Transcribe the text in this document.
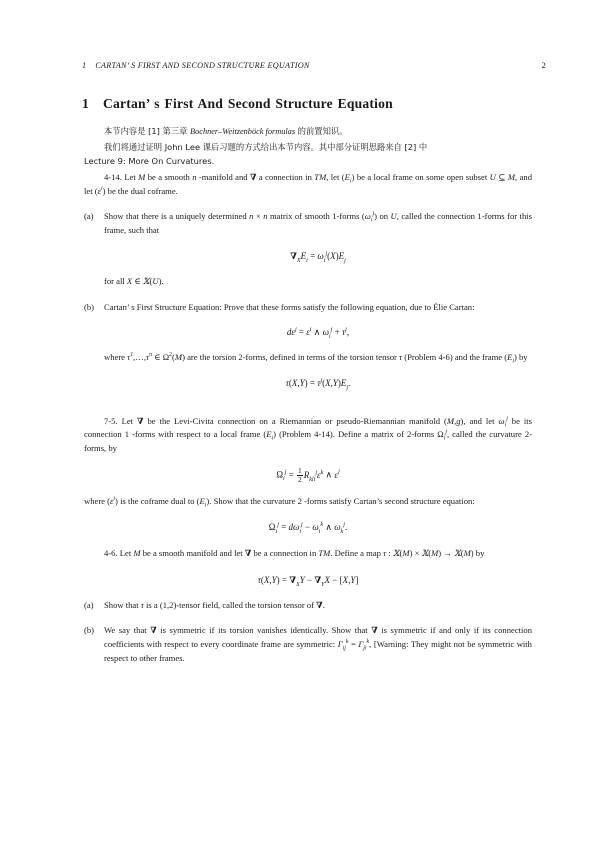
1 CARTAN’ S FIRST AND SECOND STRUCTURE EQUATION	2
1 Cartan’ s First And Second Structure Equation

本节内容是 [1] 第三章 Bochner–Weitzenböck formulas 的前置知识。

我们将通过证明 John Lee 课后习题的方式给出本节内容。其中部分证明思路来自 [2] 中

Lecture 9: More On Curvatures.

4-14. Let M be a smooth n -manifold and ∇ a connection in TM, let $(E_i)$ be a local frame on some open subset U ⊆ M, and let $(\varepsilon^i)$ be the dual coframe.

(a)	Show that there is a uniquely determined n × n matrix of smooth 1-forms $(\omega_i^j)$ on U, called the connection 1-forms for this frame, such that
$\nabla_XE_i = \omega_i^j(X)E_j$
for all X ∈ 𝕏(U).
(b)	Cartan’ s First Structure Equation: Prove that these forms satisfy the following equation, due to Élie Cartan:
$d\varepsilon^j = \varepsilon^i$ ∧ $\omega_i^j + \tau^j$,
where $\tau^1,\dots,\tau^n$ ∈ $\Omega^2(M)$ are the torsion 2-forms, defined in terms of the torsion tensor τ (Problem 4-6) and the frame $(E_i)$ by
$\tau(X,Y) = \tau^j(X,Y)E_j$.

7-5. Let ∇ be the Levi-Civita connection on a Riemannian or pseudo-Riemannian manifold (M,g), and let $\omega_i^j$ be its connection 1 -forms with respect to a local frame $(E_i)$ (Problem 4-14). Define a matrix of 2-forms $\Omega_i^j$, called the curvature 2-forms, by

$\Omega_i^j = \frac{1}{2} R_{kli}^j\varepsilon^k$ ∧ $\varepsilon^l$

where $(\varepsilon^i)$ is the coframe dual to $(E_i)$. Show that the curvature 2 -forms satisfy Cartan’s second structure equation:

$\Omega_i^j = d\omega_i^j - \omega_i^k$ ∧ $\omega_k^j$.

4-6. Let M be a smooth manifold and let ∇ be a connection in TM. Define a map τ : 𝕏(M) × 𝕏(M) → 𝕏(M) by

$\tau(X,Y) = \nabla_XY - \nabla_YX - [X,Y]$
(a)	Show that τ is a (1,2)-tensor field, called the torsion tensor of ∇.
(b)	We say that ∇ is symmetric if its torsion vanishes identically. Show that ∇ is symmetric if and only if its connection coefficients with respect to every coordinate frame are symmetric: $\Gamma_{ij}^k = \Gamma_{ji}^k$, [Warning: They might not be symmetric with respect to other frames.
